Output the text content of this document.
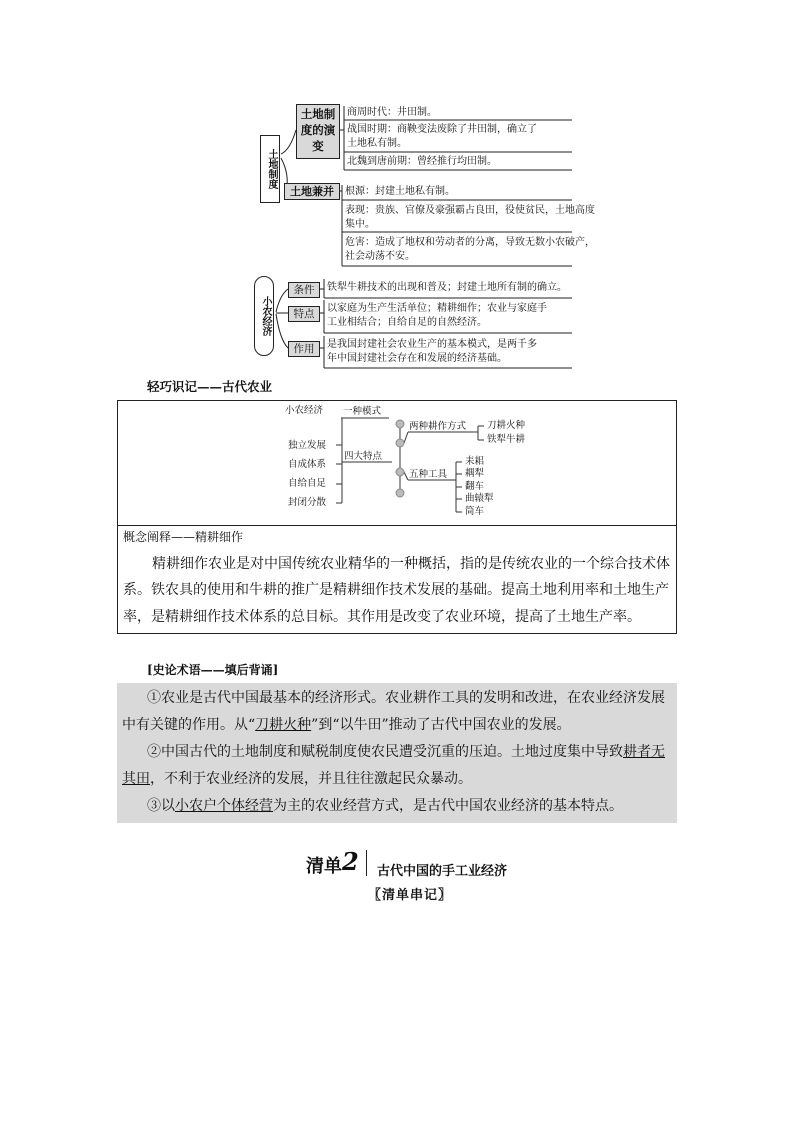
土地制度
土地制度的演变
商周时代：井田制。
战国时期：商鞅变法废除了井田制，确立了
土地私有制。
北魏到唐前期：曾经推行均田制。
土地兼并	根源：封建土地私有制。
表现：贵族、官僚及豪强霸占良田，役使贫民，土地高度
集中。
危害：造成了地权和劳动者的分离，导致无数小农破产，
社会动荡不安。
小农经济
条件	铁犁牛耕技术的出现和普及；封建土地所有制的确立。
特点	以家庭为生产生活单位；精耕细作；农业与家庭手
工业相结合；自给自足的自然经济。
作用	是我国封建社会农业生产的基本模式，是两千多
年中国封建社会存在和发展的经济基础。
轻巧识记——古代农业
小农经济 一种模式
四大特点
独立发展
自成体系
自给自足
封闭分散
两种耕作方式 刀耕火种
铁犁牛耕
五种工具
耒耜
耦犁
翻车
曲辕犁
筒车
概念阐释——精耕细作
精耕细作农业是对中国传统农业精华的一种概括，指的是传统农业的一个综合技术体
系。铁农具的使用和牛耕的推广是精耕细作技术发展的基础。提高土地利用率和土地生产
率，是精耕细作技术体系的总目标。其作用是改变了农业环境，提高了土地生产率。
[史论术语——填后背诵]
①农业是古代中国最基本的经济形式。农业耕作工具的发明和改进，在农业经济发展
中有关键的作用。从“刀耕火种”到“以牛田”推动了古代中国农业的发展。
②中国古代的土地制度和赋税制度使农民遭受沉重的压迫。土地过度集中导致耕者无
其田，不利于农业经济的发展，并且往往激起民众暴动。
③以小农户个体经营为主的农业经营方式，是古代中国农业经济的基本特点。
清单 2 古代中国的手工业经济
〖清单串记〗
